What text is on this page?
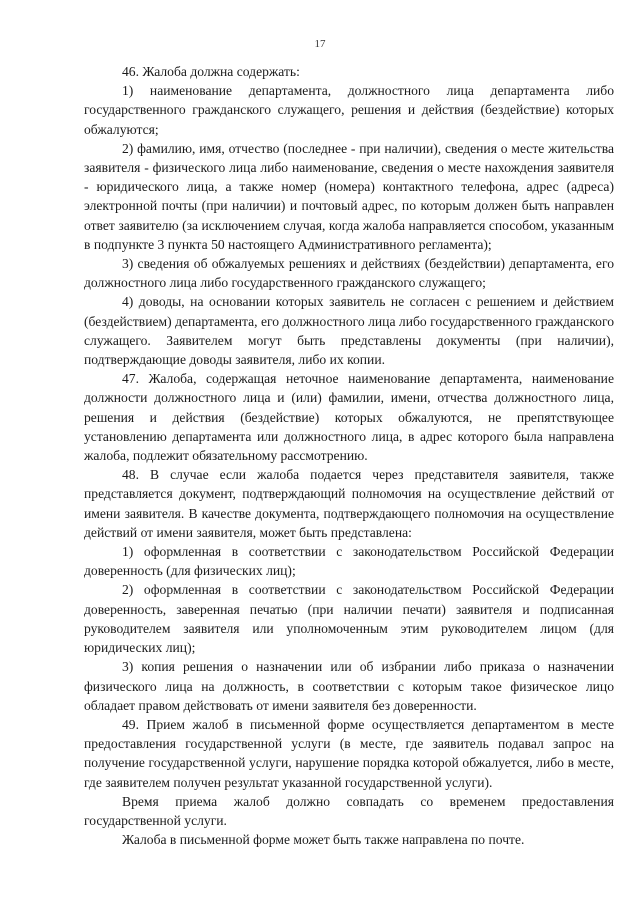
17

46. Жалоба должна содержать:

1) наименование департамента, должностного лица департамента либо государственного гражданского служащего, решения и действия (бездействие) которых обжалуются;

2) фамилию, имя, отчество (последнее - при наличии), сведения о месте жительства заявителя - физического лица либо наименование, сведения о месте нахождения заявителя - юридического лица, а также номер (номера) контактного телефона, адрес (адреса) электронной почты (при наличии) и почтовый адрес, по которым должен быть направлен ответ заявителю (за исключением случая, когда жалоба направляется способом, указанным в подпункте 3 пункта 50 настоящего Административного регламента);

3) сведения об обжалуемых решениях и действиях (бездействии) департамента, его должностного лица либо государственного гражданского служащего;

4) доводы, на основании которых заявитель не согласен с решением и действием (бездействием) департамента, его должностного лица либо государственного гражданского служащего. Заявителем могут быть представлены документы (при наличии), подтверждающие доводы заявителя, либо их копии.

47. Жалоба, содержащая неточное наименование департамента, наименование должности должностного лица и (или) фамилии, имени, отчества должностного лица, решения и действия (бездействие) которых обжалуются, не препятствующее установлению департамента или должностного лица, в адрес которого была направлена жалоба, подлежит обязательному рассмотрению.

48. В случае если жалоба подается через представителя заявителя, также представляется документ, подтверждающий полномочия на осуществление действий от имени заявителя. В качестве документа, подтверждающего полномочия на осуществление действий от имени заявителя, может быть представлена:

1) оформленная в соответствии с законодательством Российской Федерации доверенность (для физических лиц);

2) оформленная в соответствии с законодательством Российской Федерации доверенность, заверенная печатью (при наличии печати) заявителя и подписанная руководителем заявителя или уполномоченным этим руководителем лицом (для юридических лиц);

3) копия решения о назначении или об избрании либо приказа о назначении физического лица на должность, в соответствии с которым такое физическое лицо обладает правом действовать от имени заявителя без доверенности.

49. Прием жалоб в письменной форме осуществляется департаментом в месте предоставления государственной услуги (в месте, где заявитель подавал запрос на получение государственной услуги, нарушение порядка которой обжалуется, либо в месте, где заявителем получен результат указанной государственной услуги).

Время приема жалоб должно совпадать со временем предоставления государственной услуги.

Жалоба в письменной форме может быть также направлена по почте.
